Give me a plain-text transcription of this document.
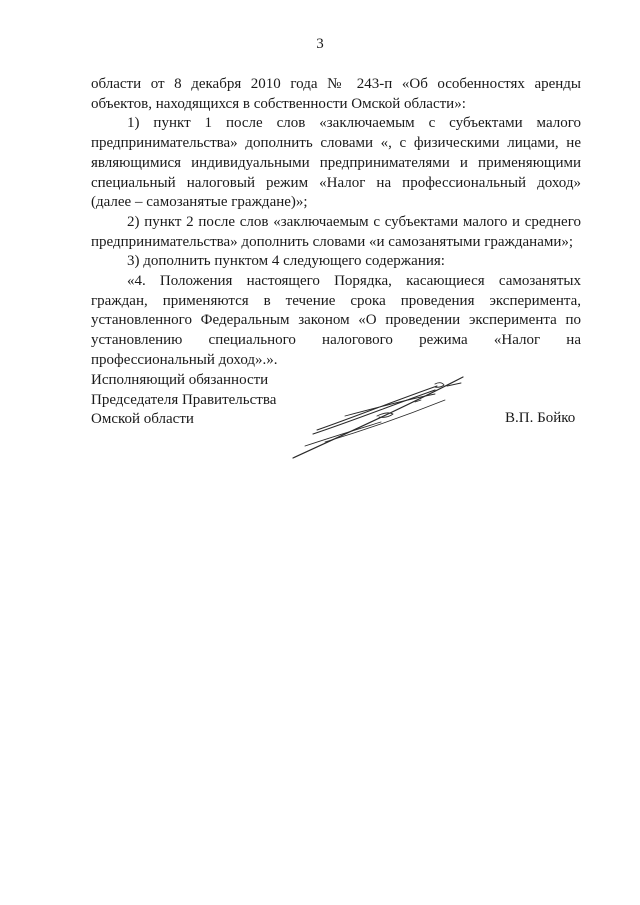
3

области от 8 декабря 2010 года № 243-п «Об особенностях аренды объектов, находящихся в собственности Омской области»:

1) пункт 1 после слов «заключаемым с субъектами малого предпринимательства» дополнить словами «, с физическими лицами, не являющимися индивидуальными предпринимателями и применяющими специальный налоговый режим «Налог на профессиональный доход» (далее – самозанятые граждане)»;

2) пункт 2 после слов «заключаемым с субъектами малого и среднего предпринимательства» дополнить словами «и самозанятыми гражданами»;

3) дополнить пунктом 4 следующего содержания:

«4. Положения настоящего Порядка, касающиеся самозанятых граждан, применяются в течение срока проведения эксперимента, установленного Федеральным законом «О проведении эксперимента по установлению специального налогового режима «Налог на профессиональный доход».».

Исполняющий обязанности
Председателя Правительства
Омской области	В.П. Бойко
